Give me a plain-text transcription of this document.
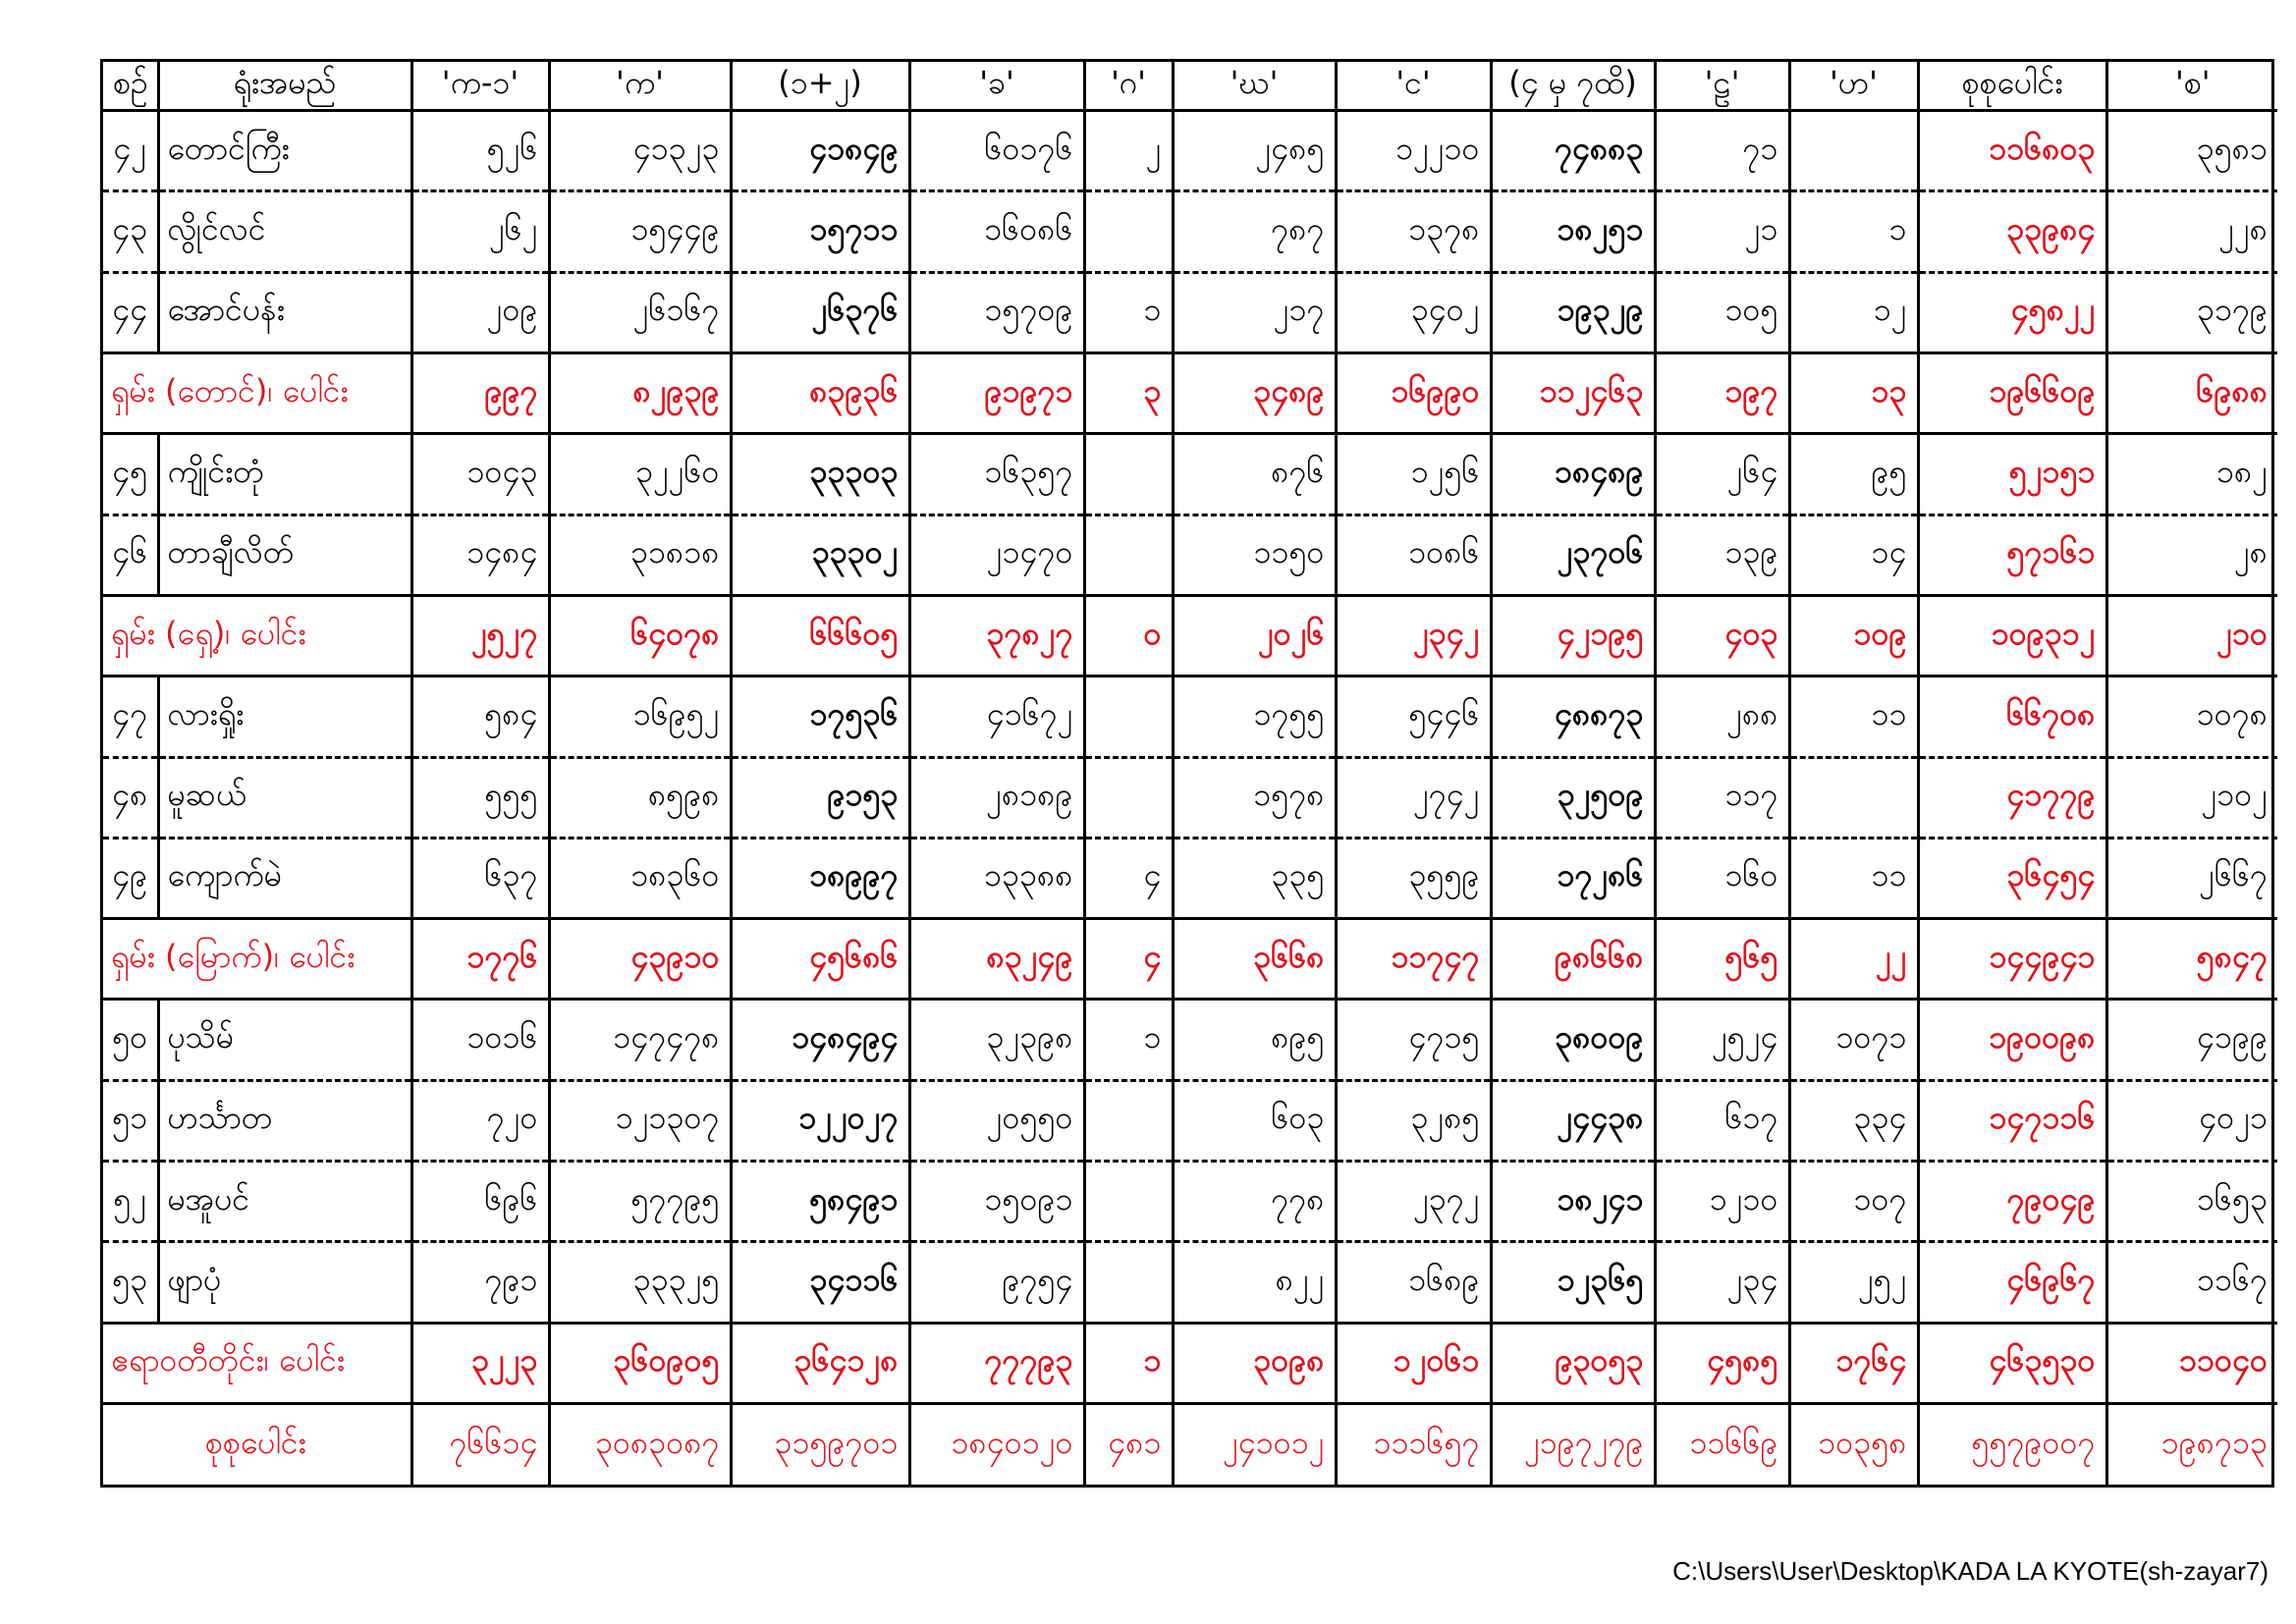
စဉ်	ရုံးအမည်	'က-၁'	'က'	(၁+၂)	'ခ'	'ဂ'	'ဃ'	'င'	(၄ မှ ၇ထိ)	'ဠ'	'ဟ'	စုစုပေါင်း	'စ'
၄၂	တောင်ကြီး	၅၂၆	၄၁၃၂၃	၄၁၈၄၉	၆၀၁၇၆	၂	၂၄၈၅	၁၂၂၁၀	၇၄၈၈၃	၇၁		၁၁၆၈၀၃	၃၅၈၁
၄၃	လွိုင်လင်	၂၆၂	၁၅၄၄၉	၁၅၇၁၁	၁၆၀၈၆		၇၈၇	၁၃၇၈	၁၈၂၅၁	၂၁	၁	၃၃၉၈၄	၂၂၈
၄၄	အောင်ပန်း	၂၀၉	၂၆၁၆၇	၂၆၃၇၆	၁၅၇၀၉	၁	၂၁၇	၃၄၀၂	၁၉၃၂၉	၁၀၅	၁၂	၄၅၈၂၂	၃၁၇၉
ရှမ်း (တောင်)၊ ပေါင်း		၉၉၇	၈၂၉၃၉	၈၃၉၃၆	၉၁၉၇၁	၃	၃၄၈၉	၁၆၉၉၀	၁၁၂၄၆၃	၁၉၇	၁၃	၁၉၆၆၀၉	၆၉၈၈
၄၅	ကျိုင်းတုံ	၁၀၄၃	၃၂၂၆၀	၃၃၃၀၃	၁၆၃၅၇		၈၇၆	၁၂၅၆	၁၈၄၈၉	၂၆၄	၉၅	၅၂၁၅၁	၁၈၂
၄၆	တာချီလိတ်	၁၄၈၄	၃၁၈၁၈	၃၃၃၀၂	၂၁၄၇၀		၁၁၅၀	၁၀၈၆	၂၃၇၀၆	၁၃၉	၁၄	၅၇၁၆၁	၂၈
ရှမ်း (ရှေ့)၊ ပေါင်း		၂၅၂၇	၆၄၀၇၈	၆၆၆၀၅	၃၇၈၂၇	၀	၂၀၂၆	၂၃၄၂	၄၂၁၉၅	၄၀၃	၁၀၉	၁၀၉၃၁၂	၂၁၀
၄၇	လားရှိုး	၅၈၄	၁၆၉၅၂	၁၇၅၃၆	၄၁၆၇၂		၁၇၅၅	၅၄၄၆	၄၈၈၇၃	၂၈၈	၁၁	၆၆၇၀၈	၁၀၇၈
၄၈	မူဆယ်	၅၅၅	၈၅၉၈	၉၁၅၃	၂၈၁၈၉		၁၅၇၈	၂၇၄၂	၃၂၅၀၉	၁၁၇		၄၁၇၇၉	၂၁၀၂
၄၉	ကျောက်မဲ	၆၃၇	၁၈၃၆၀	၁၈၉၉၇	၁၃၃၈၈	၄	၃၃၅	၃၅၅၉	၁၇၂၈၆	၁၆၀	၁၁	၃၆၄၅၄	၂၆၆၇
ရှမ်း (မြောက်)၊ ပေါင်း		၁၇၇၆	၄၃၉၁၀	၄၅၆၈၆	၈၃၂၄၉	၄	၃၆၆၈	၁၁၇၄၇	၉၈၆၆၈	၅၆၅	၂၂	၁၄၄၉၄၁	၅၈၄၇
၅၀	ပုသိမ်	၁၀၁၆	၁၄၇၄၇၈	၁၄၈၄၉၄	၃၂၃၉၈	၁	၈၉၅	၄၇၁၅	၃၈၀၀၉	၂၅၂၄	၁၀၇၁	၁၉၀၀၉၈	၄၁၉၉
၅၁	ဟင်္သာတ	၇၂၀	၁၂၁၃၀၇	၁၂၂၀၂၇	၂၀၅၅၀		၆၀၃	၃၂၈၅	၂၄၄၃၈	၆၁၇	၃၃၄	၁၄၇၁၁၆	၄၀၂၁
၅၂	မအူပင်	၆၉၆	၅၇၇၉၅	၅၈၄၉၁	၁၅၀၉၁		၇၇၈	၂၃၇၂	၁၈၂၄၁	၁၂၁၀	၁၀၇	၇၉၀၄၉	၁၆၅၃
၅၃	ဖျာပုံ	၇၉၁	၃၃၃၂၅	၃၄၁၁၆	၉၇၅၄		၈၂၂	၁၆၈၉	၁၂၃၆၅	၂၃၄	၂၅၂	၄၆၉၆၇	၁၁၆၇
ဧရာဝတီတိုင်း၊ ပေါင်း		၃၂၂၃	၃၆၀၉၀၅	၃၆၄၁၂၈	၇၇၇၉၃	၁	၃၀၉၈	၁၂၀၆၁	၉၃၀၅၃	၄၅၈၅	၁၇၆၄	၄၆၃၅၃၀	၁၁၀၄၀
စုစုပေါင်း		၇၆၆၁၄	၃၀၈၃၀၈၇	၃၁၅၉၇၀၁	၁၈၄၀၁၂၀	၄၈၁	၂၄၁၀၁၂	၁၁၁၆၅၇	၂၁၉၇၂၇၉	၁၁၆၆၉	၁၀၃၅၈	၅၅၇၉၀၀၇	၁၉၈၇၁၃
C:\Users\User\Desktop\KADA LA KYOTE(sh-zayar7)
